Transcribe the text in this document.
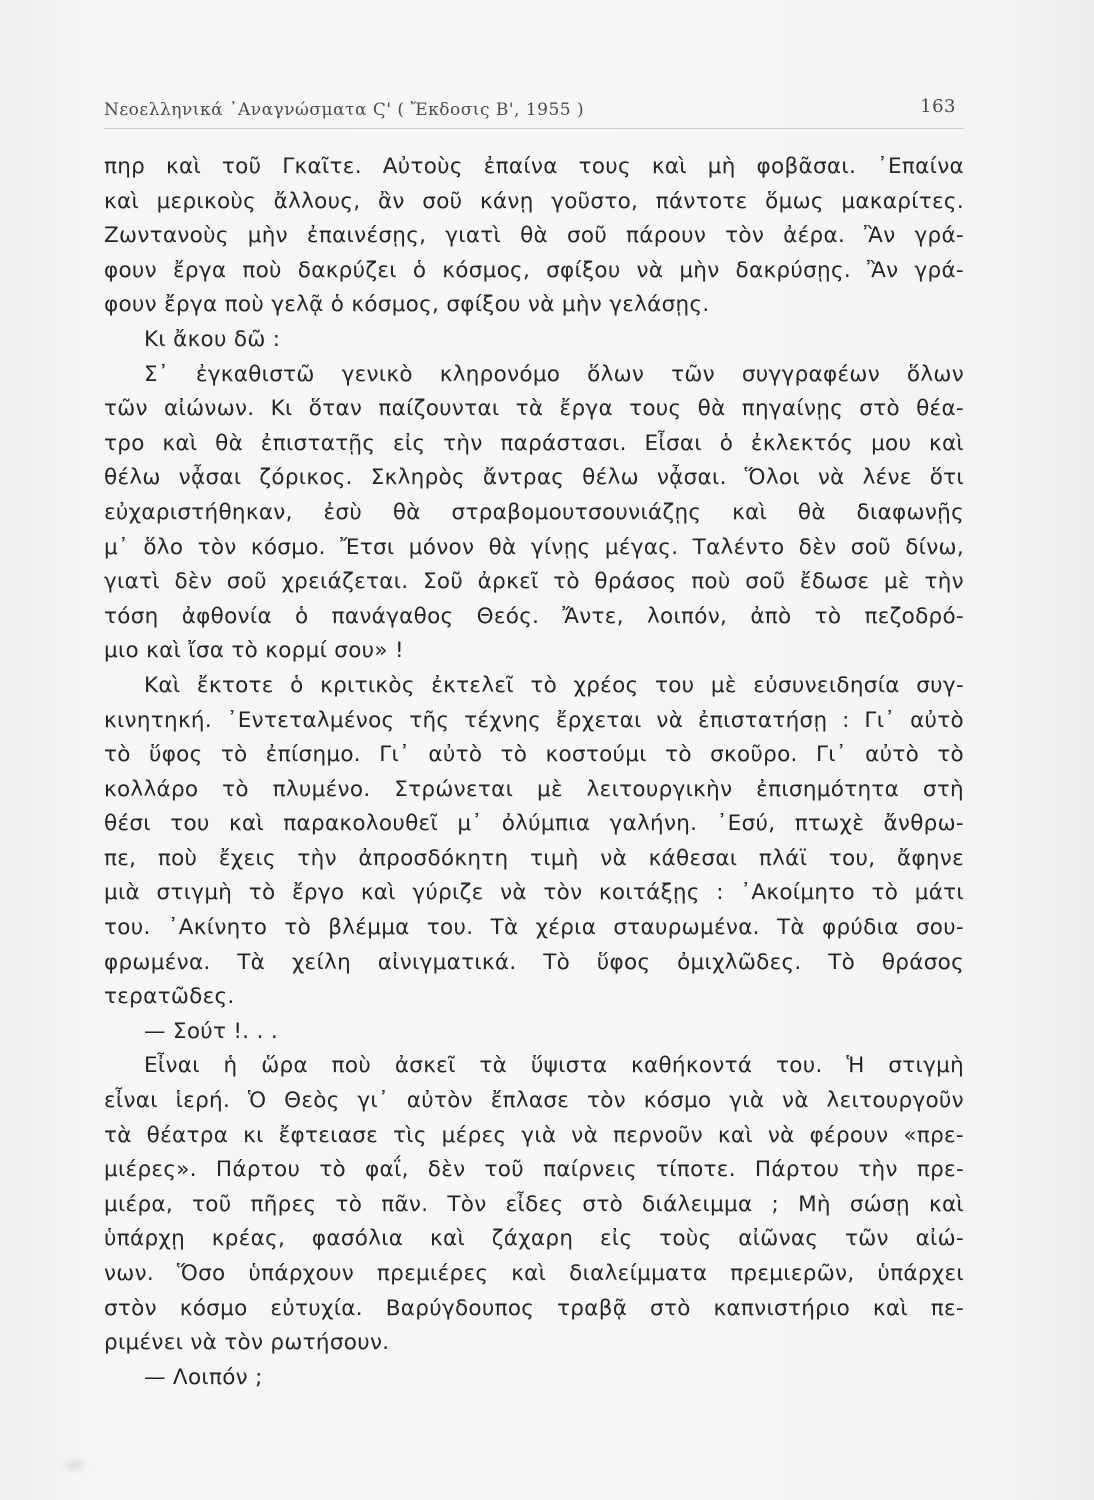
Νεοελληνικά ᾽Αναγνώσματα Ϛ' ( Ἔκδοσις Β', 1955 )	163
πηρ καὶ τοῦ Γκαῖτε. Αὐτοὺς ἐπαίνα τους καὶ μὴ φοβᾶσαι. ᾽Επαίνα
καὶ μερικοὺς ἄλλους, ἂν σοῦ κάνῃ γοῦστο, πάντοτε ὅμως μακαρίτες.
Ζωντανοὺς μὴν ἐπαινέσῃς, γιατὶ θὰ σοῦ πάρουν τὸν ἀέρα. Ἂν γρά-
φουν ἔργα ποὺ δακρύζει ὁ κόσμος, σφίξου νὰ μὴν δακρύσῃς. Ἂν γρά-
φουν ἔργα ποὺ γελᾷ ὁ κόσμος, σφίξου νὰ μὴν γελάσῃς.
Κι ἄκου δῶ :
Σ᾽ ἐγκαθιστῶ γενικὸ κληρονόμο ὅλων τῶν συγγραφέων ὅλων
τῶν αἰώνων. Κι ὅταν παίζουνται τὰ ἔργα τους θὰ πηγαίνῃς στὸ θέα-
τρο καὶ θὰ ἐπιστατῇς εἰς τὴν παράστασι. Εἶσαι ὁ ἐκλεκτός μου καὶ
θέλω νᾆσαι ζόρικος. Σκληρὸς ἄντρας θέλω νᾆσαι. Ὅλοι νὰ λένε ὅτι
εὐχαριστήθηκαν, ἐσὺ θὰ στραβομουτσουνιάζῃς καὶ θὰ διαφωνῇς
μ᾽ ὅλο τὸν κόσμο. Ἔτσι μόνον θὰ γίνῃς μέγας. Ταλέντο δὲν σοῦ δίνω,
γιατὶ δὲν σοῦ χρειάζεται. Σοῦ ἀρκεῖ τὸ θράσος ποὺ σοῦ ἔδωσε μὲ τὴν
τόση ἀφθονία ὁ πανάγαθος Θεός. Ἄντε, λοιπόν, ἀπὸ τὸ πεζοδρό-
μιο καὶ ἴσα τὸ κορμί σου» !
Καὶ ἔκτοτε ὁ κριτικὸς ἐκτελεῖ τὸ χρέος του μὲ εὐσυνειδησία συγ-
κινητηκή. ᾽Εντεταλμένος τῆς τέχνης ἔρχεται νὰ ἐπιστατήσῃ : Γι᾽ αὐτὸ
τὸ ὕφος τὸ ἐπίσημο. Γι᾽ αὐτὸ τὸ κοστούμι τὸ σκοῦρο. Γι᾽ αὐτὸ τὸ
κολλάρο τὸ πλυμένο. Στρώνεται μὲ λειτουργικὴν ἐπισημότητα στὴ
θέσι του καὶ παρακολουθεῖ μ᾽ ὀλύμπια γαλήνη. ᾽Εσύ, πτωχὲ ἄνθρω-
πε, ποὺ ἔχεις τὴν ἀπροσδόκητη τιμὴ νὰ κάθεσαι πλάϊ του, ἄφηνε
μιὰ στιγμὴ τὸ ἔργο καὶ γύριζε νὰ τὸν κοιτάξῃς : ᾽Ακοίμητο τὸ μάτι
του. ᾽Ακίνητο τὸ βλέμμα του. Τὰ χέρια σταυρωμένα. Τὰ φρύδια σου-
φρωμένα. Τὰ χείλη αἰνιγματικά. Τὸ ὕφος ὀμιχλῶδες. Τὸ θράσος
τερατῶδες.
— Σούτ !. . .
Εἶναι ἡ ὥρα ποὺ ἀσκεῖ τὰ ὕψιστα καθήκοντά του. Ἡ στιγμὴ
εἶναι ἱερή. Ὁ Θεὸς γι᾽ αὐτὸν ἔπλασε τὸν κόσμο γιὰ νὰ λειτουργοῦν
τὰ θέατρα κι ἔφτειασε τὶς μέρες γιὰ νὰ περνοῦν καὶ νὰ φέρουν «πρε-
μιέρες». Πάρτου τὸ φαΐ, δὲν τοῦ παίρνεις τίποτε. Πάρτου τὴν πρε-
μιέρα, τοῦ πῆρες τὸ πᾶν. Τὸν εἶδες στὸ διάλειμμα ; Μὴ σώσῃ καὶ
ὑπάρχῃ κρέας, φασόλια καὶ ζάχαρη εἰς τοὺς αἰῶνας τῶν αἰώ-
νων. Ὅσο ὑπάρχουν πρεμιέρες καὶ διαλείμματα πρεμιερῶν, ὑπάρχει
στὸν κόσμο εὐτυχία. Βαρύγδουπος τραβᾷ στὸ καπνιστήριο καὶ πε-
ριμένει νὰ τὸν ρωτήσουν.
— Λοιπόν ;
